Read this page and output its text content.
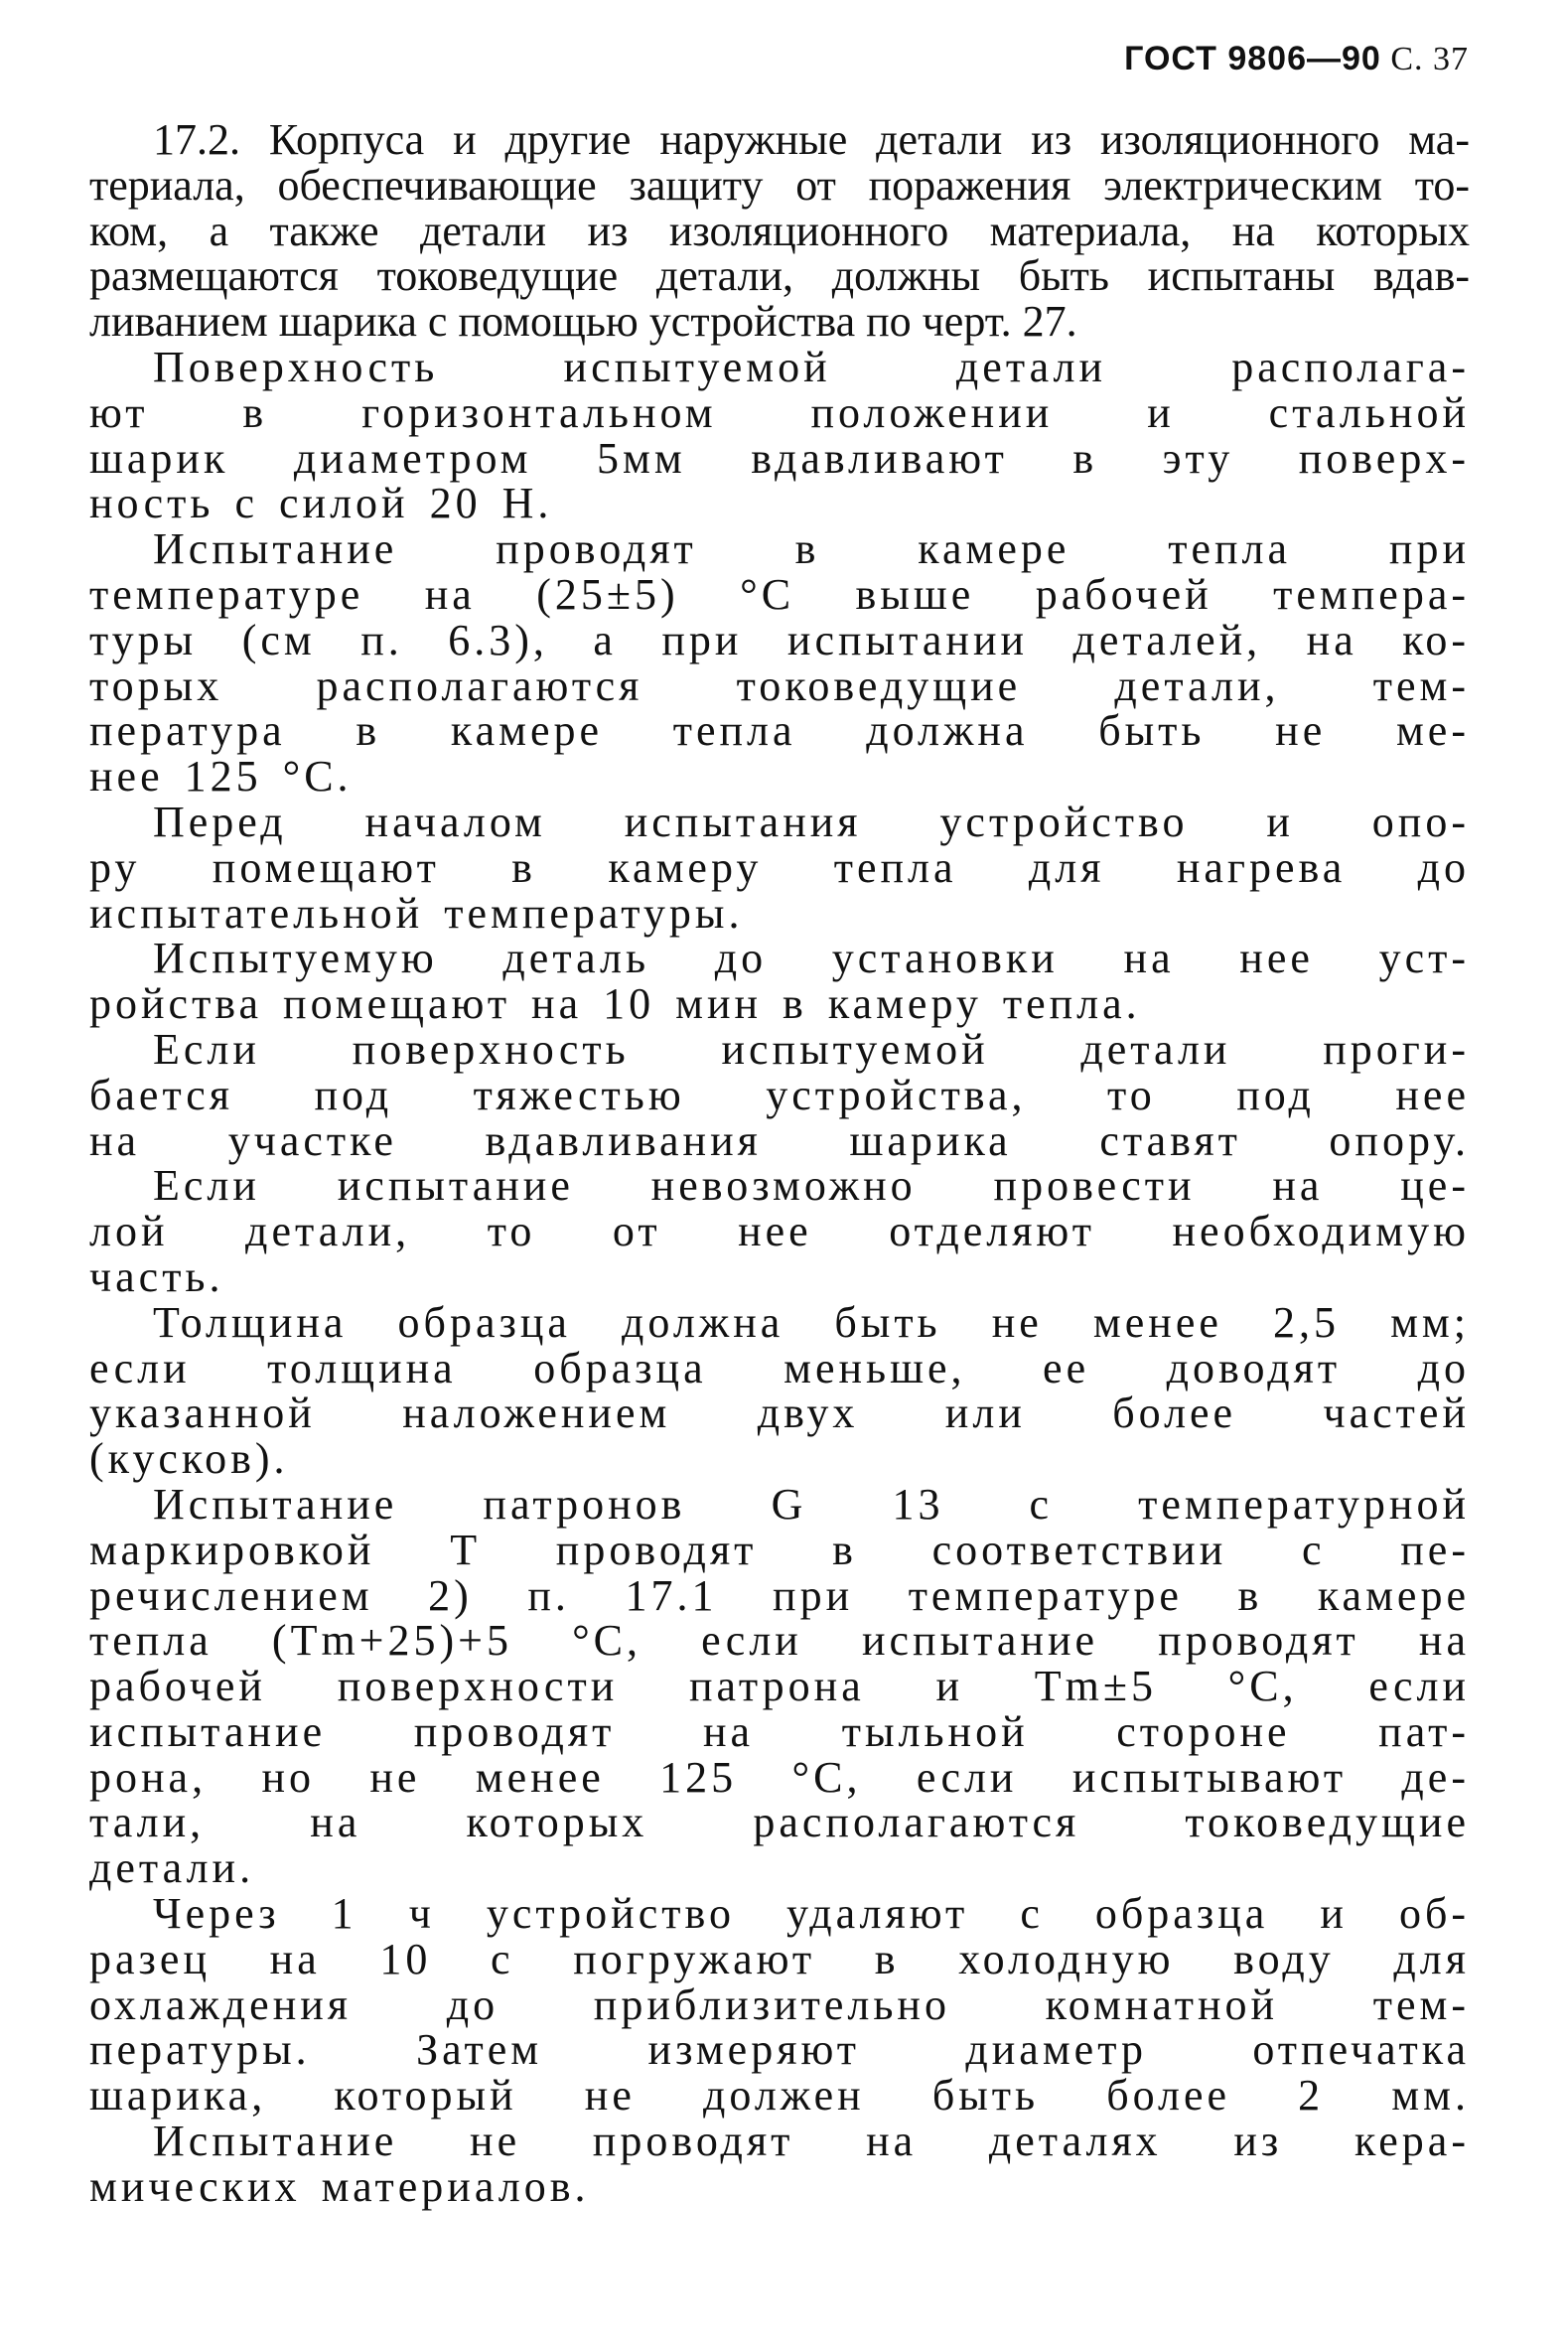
ГОСТ 9806—90 С. 37
17.2. Корпуса и другие наружные детали из изоляционного ма-
териала, обеспечивающие защиту от поражения электрическим то-
ком, а также детали из изоляционного материала, на которых
размещаются токоведущие детали, должны быть испытаны вдав-
ливанием шарика с помощью устройства по черт. 27.
Поверхность испытуемой детали располага-
ют в горизонтальном положении и стальной
шарик диаметром 5мм вдавливают в эту поверх-
ность с силой 20 Н.
Испытание проводят в камере тепла при
температуре на (25±5) °С выше рабочей темпера-
туры (см п. 6.3), а при испытании деталей, на ко-
торых располагаются токоведущие детали, тем-
пература в камере тепла должна быть не ме-
нее 125 °С.
Перед началом испытания устройство и опо-
ру помещают в камеру тепла для нагрева до
испытательной температуры.
Испытуемую деталь до установки на нее уст-
ройства помещают на 10 мин в камеру тепла.
Если поверхность испытуемой детали проги-
бается под тяжестью устройства, то под нее
на участке вдавливания шарика ставят опору.
Если испытание невозможно провести на це-
лой детали, то от нее отделяют необходимую
часть.
Толщина образца должна быть не менее 2,5 мм;
если толщина образца меньше, ее доводят до
указанной наложением двух или более частей
(кусков).
Испытание патронов G 13 с температурной
маркировкой Т проводят в соответствии с пе-
речислением 2) п. 17.1 при температуре в камере
тепла (Tm+25)+5 °С, если испытание проводят на
рабочей поверхности патрона и Tm±5 °С, если
испытание проводят на тыльной стороне пат-
рона, но не менее 125 °С, если испытывают де-
тали, на которых располагаются токоведущие
детали.
Через 1 ч устройство удаляют с образца и об-
разец на 10 с погружают в холодную воду для
охлаждения до приблизительно комнатной тем-
пературы. Затем измеряют диаметр отпечатка
шарика, который не должен быть более 2 мм.
Испытание не проводят на деталях из кера-
мических материалов.
